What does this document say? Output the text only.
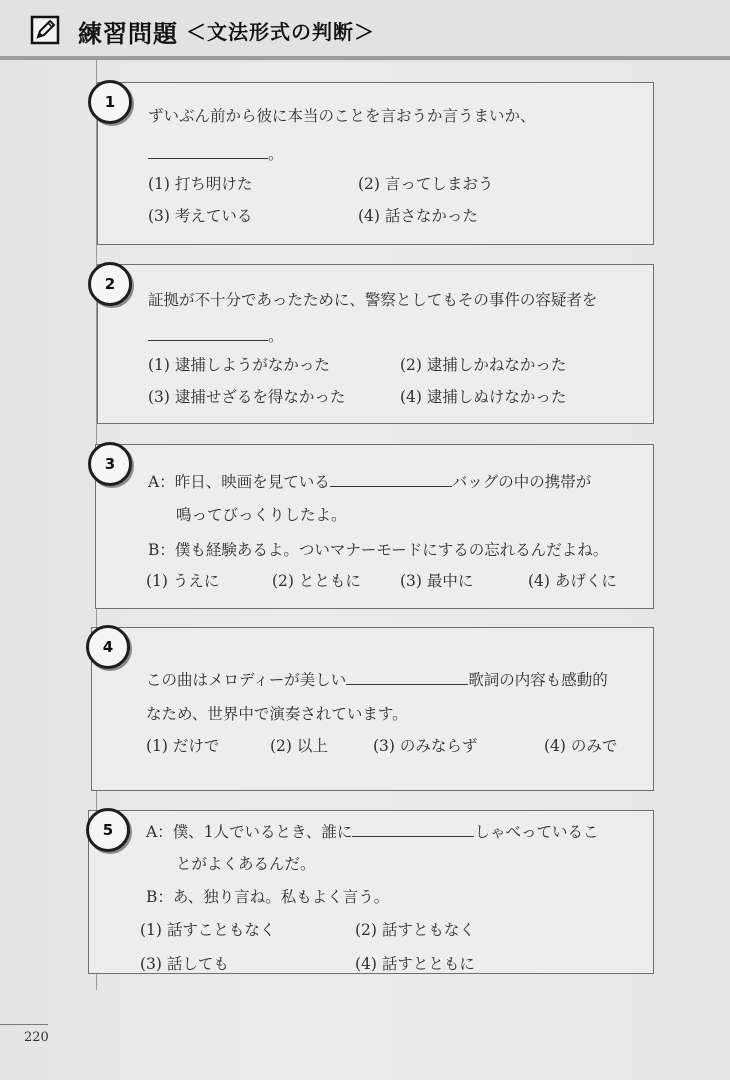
練習問題 ＜文法形式の判断＞
1
ずいぶん前から彼に本当のことを言おうか言うまいか、
。
(1) 打ち明けた	(2) 言ってしまおう
(3) 考えている	(4) 話さなかった
2
証拠が不十分であったために、警察としてもその事件の容疑者を
。
(1) 逮捕しようがなかった	(2) 逮捕しかねなかった
(3) 逮捕せざるを得なかった	(4) 逮捕しぬけなかった
3
A：昨日、映画を見ている	バッグの中の携帯が
鳴ってびっくりしたよ。
B：僕も経験あるよ。ついマナーモードにするの忘れるんだよね。
(1) うえに	(2) とともに	(3) 最中に	(4) あげくに
4
この曲はメロディーが美しい	歌詞の内容も感動的
なため、世界中で演奏されています。
(1) だけで	(2) 以上	(3) のみならず	(4) のみで
5	A：僕、1人でいるとき、誰に	しゃべっているこ
とがよくあるんだ。
B：あ、独り言ね。私もよく言う。
(1) 話すこともなく	(2) 話すともなく
(3) 話しても	(4) 話すとともに
220
